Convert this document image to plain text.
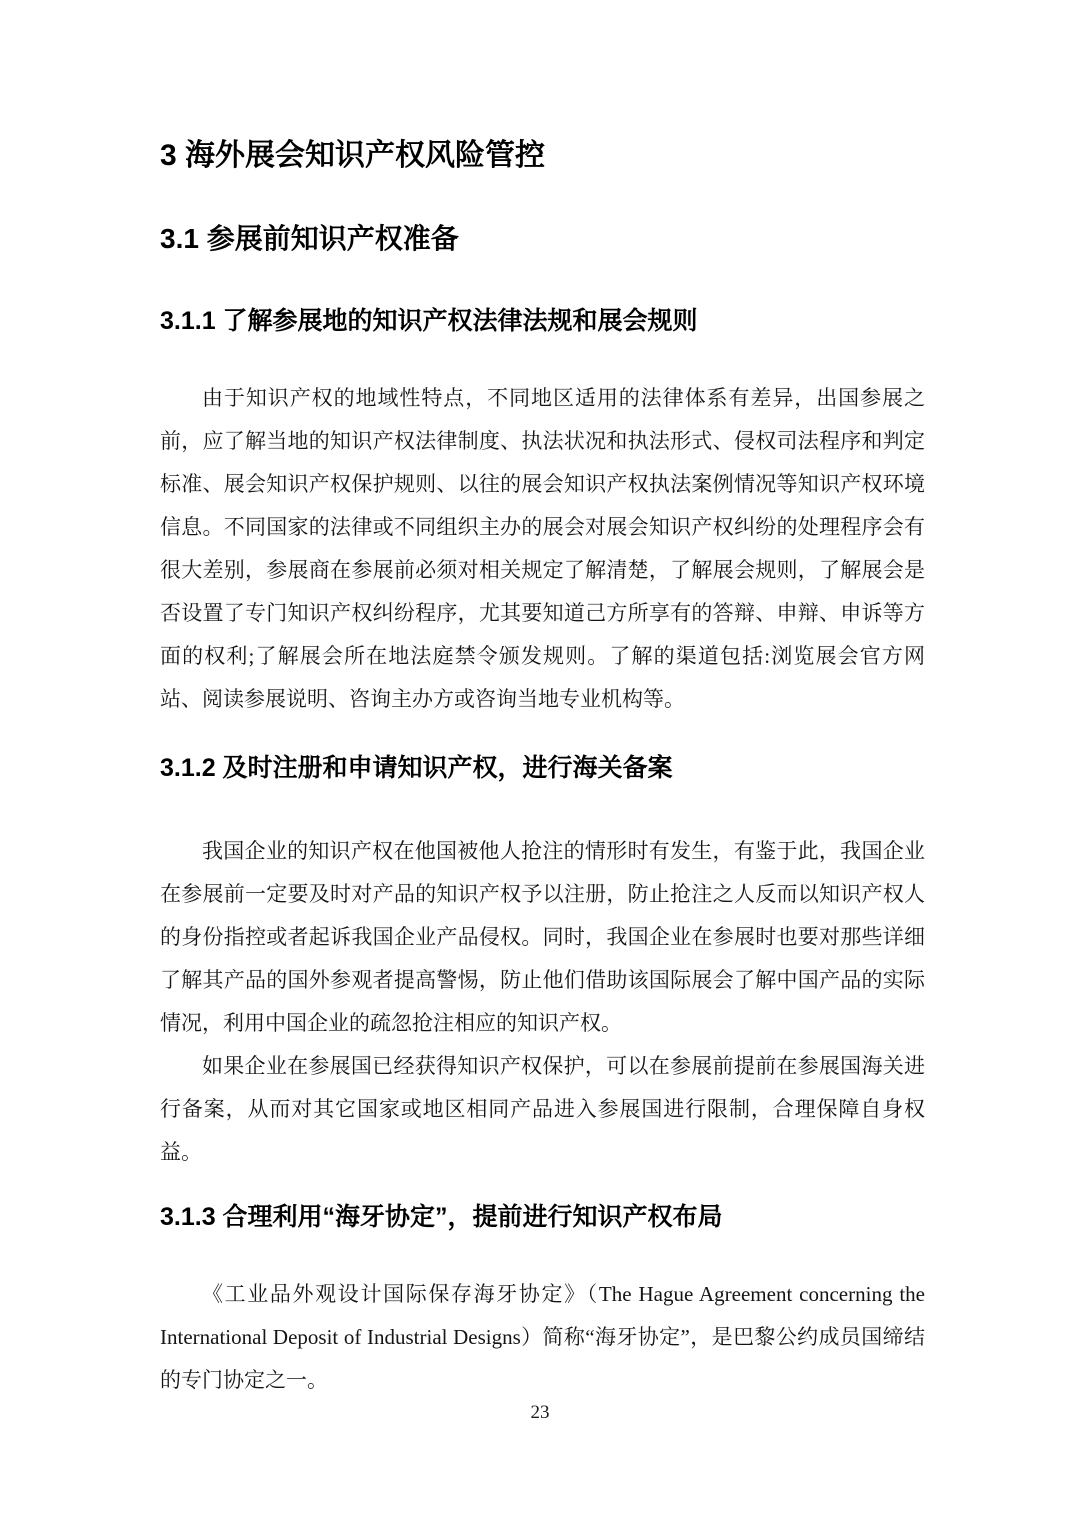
3 海外展会知识产权风险管控
3.1 参展前知识产权准备
3.1.1 了解参展地的知识产权法律法规和展会规则

由于知识产权的地域性特点，不同地区适用的法律体系有差异，出国参展之前，应了解当地的知识产权法律制度、执法状况和执法形式、侵权司法程序和判定标准、展会知识产权保护规则、以往的展会知识产权执法案例情况等知识产权环境信息。不同国家的法律或不同组织主办的展会对展会知识产权纠纷的处理程序会有很大差别，参展商在参展前必须对相关规定了解清楚，了解展会规则，了解展会是否设置了专门知识产权纠纷程序，尤其要知道己方所享有的答辩、申辩、申诉等方面的权利;了解展会所在地法庭禁令颁发规则。了解的渠道包括:浏览展会官方网站、阅读参展说明、咨询主办方或咨询当地专业机构等。

3.1.2 及时注册和申请知识产权，进行海关备案

我国企业的知识产权在他国被他人抢注的情形时有发生，有鉴于此，我国企业在参展前一定要及时对产品的知识产权予以注册，防止抢注之人反而以知识产权人的身份指控或者起诉我国企业产品侵权。同时，我国企业在参展时也要对那些详细了解其产品的国外参观者提高警惕，防止他们借助该国际展会了解中国产品的实际情况，利用中国企业的疏忽抢注相应的知识产权。

如果企业在参展国已经获得知识产权保护，可以在参展前提前在参展国海关进行备案，从而对其它国家或地区相同产品进入参展国进行限制，合理保障自身权益。

3.1.3 合理利用“海牙协定”，提前进行知识产权布局

《工业品外观设计国际保存海牙协定》（The Hague Agreement concerning the International Deposit of Industrial Designs）简称“海牙协定”，是巴黎公约成员国缔结的专门协定之一。

23
